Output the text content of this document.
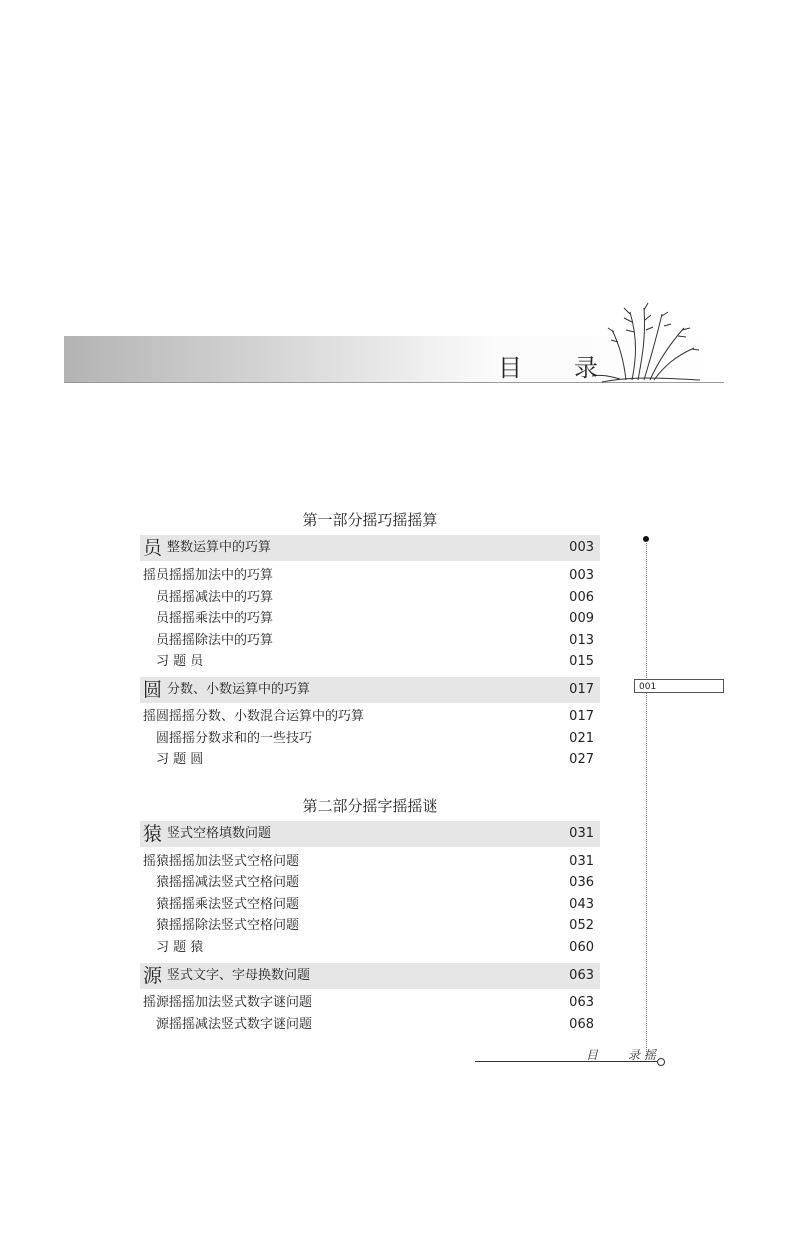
目录
第一部分摇巧摇摇算
员 整数运算中的巧算	003
摇员摇摇加法中的巧算	003
员摇摇减法中的巧算	006
员摇摇乘法中的巧算	009
员摇摇除法中的巧算	013
习 题 员	015
圆 分数、小数运算中的巧算	017
摇圆摇摇分数、小数混合运算中的巧算	017
圆摇摇分数求和的一些技巧	021
习 题 圆	027
第二部分摇字摇摇谜
猿 竖式空格填数问题	031
摇猿摇摇加法竖式空格问题	031
猿摇摇减法竖式空格问题	036
猿摇摇乘法竖式空格问题	043
猿摇摇除法竖式空格问题	052
习 题 猿	060
源 竖式文字、字母换数问题	063
摇源摇摇加法竖式数字谜问题	063
源摇摇减法竖式数字谜问题	068
001
目	录 摇
